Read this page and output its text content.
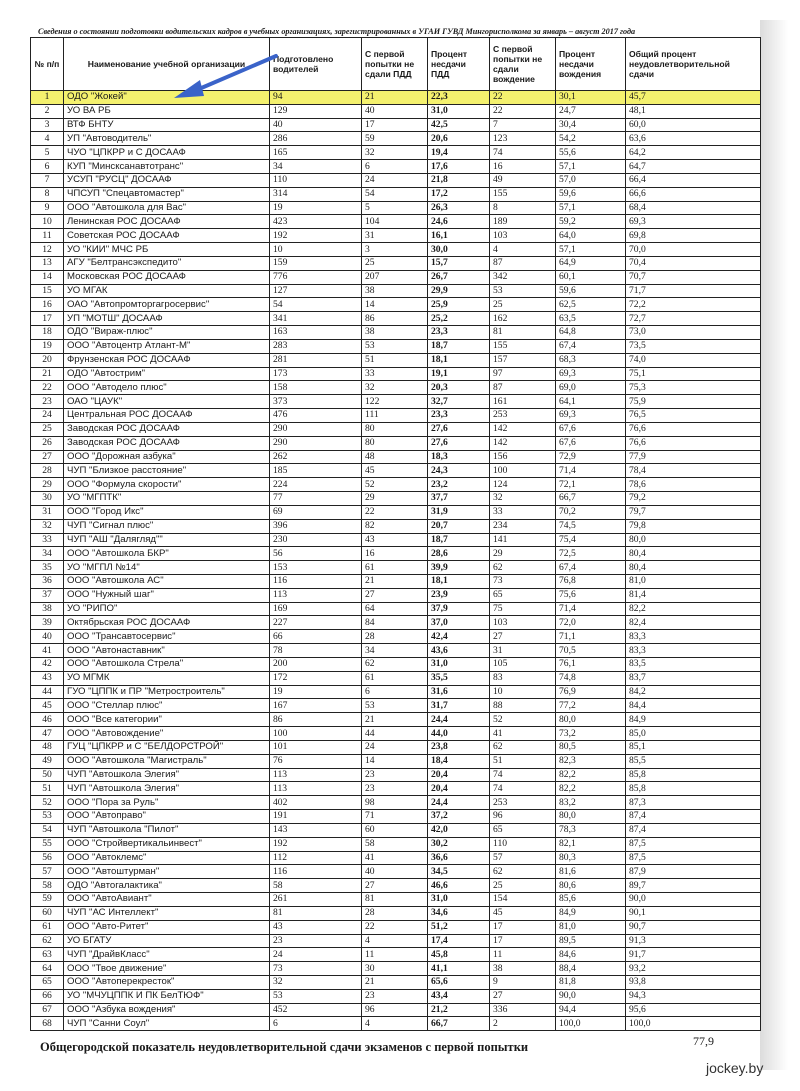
Сведения о состоянии подготовки водительских кадров в учебных организациях, зарегистрированных в УГАИ ГУВД Мингорисполкома за январь – август 2017 года
№ п/п	Наименование учебной организации	Подготовлено водителей	С первой попытки не сдали ПДД	Процент несдачи ПДД	С первой попытки не сдали вождение	Процент несдачи вождения	Общий процент неудовлетворительной сдачи
1	ОДО "Жокей"	94	21	22,3	22	30,1	45,7
2	УО ВА РБ	129	40	31,0	22	24,7	48,1
3	ВТФ БНТУ	40	17	42,5	7	30,4	60,0
4	УП "Автоводитель"	286	59	20,6	123	54,2	63,6
5	ЧУО "ЦПКРР и С ДОСААФ	165	32	19,4	74	55,6	64,2
6	КУП "Минсксанавтотранс"	34	6	17,6	16	57,1	64,7
7	УСУП "РУСЦ" ДОСААФ	110	24	21,8	49	57,0	66,4
8	ЧПСУП "Спецавтомастер"	314	54	17,2	155	59,6	66,6
9	ООО "Автошкола для Вас"	19	5	26,3	8	57,1	68,4
10	Ленинская РОС ДОСААФ	423	104	24,6	189	59,2	69,3
11	Советская РОС ДОСААФ	192	31	16,1	103	64,0	69,8
12	УО "КИИ" МЧС РБ	10	3	30,0	4	57,1	70,0
13	АГУ "Белтрансэкспедито"	159	25	15,7	87	64,9	70,4
14	Московская РОС ДОСААФ	776	207	26,7	342	60,1	70,7
15	УО МГАК	127	38	29,9	53	59,6	71,7
16	ОАО "Автопромторгагросервис"	54	14	25,9	25	62,5	72,2
17	УП "МОТШ" ДОСААФ	341	86	25,2	162	63,5	72,7
18	ОДО "Вираж-плюс"	163	38	23,3	81	64,8	73,0
19	ООО "Автоцентр Атлант-М"	283	53	18,7	155	67,4	73,5
20	Фрунзенская РОС ДОСААФ	281	51	18,1	157	68,3	74,0
21	ОДО "Автострим"	173	33	19,1	97	69,3	75,1
22	ООО "Автодело плюс"	158	32	20,3	87	69,0	75,3
23	ОАО "ЦАУК"	373	122	32,7	161	64,1	75,9
24	Центральная РОС ДОСААФ	476	111	23,3	253	69,3	76,5
25	Заводская РОС ДОСААФ	290	80	27,6	142	67,6	76,6
26	Заводская РОС ДОСААФ	290	80	27,6	142	67,6	76,6
27	ООО "Дорожная азбука"	262	48	18,3	156	72,9	77,9
28	ЧУП "Близкое расстояние"	185	45	24,3	100	71,4	78,4
29	ООО "Формула скорости"	224	52	23,2	124	72,1	78,6
30	УО "МГПТК"	77	29	37,7	32	66,7	79,2
31	ООО "Город Икс"	69	22	31,9	33	70,2	79,7
32	ЧУП "Сигнал плюс"	396	82	20,7	234	74,5	79,8
33	ЧУП "АШ "Далягляд""	230	43	18,7	141	75,4	80,0
34	ООО "Автошкола БКР"	56	16	28,6	29	72,5	80,4
35	УО "МГПЛ №14"	153	61	39,9	62	67,4	80,4
36	ООО "Автошкола АС"	116	21	18,1	73	76,8	81,0
37	ООО "Нужный шаг"	113	27	23,9	65	75,6	81,4
38	УО "РИПО"	169	64	37,9	75	71,4	82,2
39	Октябрьская РОС ДОСААФ	227	84	37,0	103	72,0	82,4
40	ООО "Трансавтосервис"	66	28	42,4	27	71,1	83,3
41	ООО "Автонаставник"	78	34	43,6	31	70,5	83,3
42	ООО "Автошкола Стрела"	200	62	31,0	105	76,1	83,5
43	УО МГМК	172	61	35,5	83	74,8	83,7
44	ГУО "ЦППК и ПР "Метростроитель"	19	6	31,6	10	76,9	84,2
45	ООО "Стеллар плюс"	167	53	31,7	88	77,2	84,4
46	ООО "Все категории"	86	21	24,4	52	80,0	84,9
47	ООО "Автовождение"	100	44	44,0	41	73,2	85,0
48	ГУЦ "ЦПКРР и С "БЕЛДОРСТРОЙ"	101	24	23,8	62	80,5	85,1
49	ООО "Автошкола "Магистраль"	76	14	18,4	51	82,3	85,5
50	ЧУП "Автошкола Элегия"	113	23	20,4	74	82,2	85,8
51	ЧУП "Автошкола Элегия"	113	23	20,4	74	82,2	85,8
52	ООО "Пора за Руль"	402	98	24,4	253	83,2	87,3
53	ООО "Автоправо"	191	71	37,2	96	80,0	87,4
54	ЧУП "Автошкола "Пилот"	143	60	42,0	65	78,3	87,4
55	ООО "Стройвертикальинвест"	192	58	30,2	110	82,1	87,5
56	ООО "Автоклемс"	112	41	36,6	57	80,3	87,5
57	ООО "Автоштурман"	116	40	34,5	62	81,6	87,9
58	ОДО "Автогалактика"	58	27	46,6	25	80,6	89,7
59	ООО "АвтоАвиант"	261	81	31,0	154	85,6	90,0
60	ЧУП "АС Интеллект"	81	28	34,6	45	84,9	90,1
61	ООО "Авто-Ритет"	43	22	51,2	17	81,0	90,7
62	УО БГАТУ	23	4	17,4	17	89,5	91,3
63	ЧУП "ДрайвКласс"	24	11	45,8	11	84,6	91,7
64	ООО "Твое движение"	73	30	41,1	38	88,4	93,2
65	ООО "Автоперекресток"	32	21	65,6	9	81,8	93,8
66	УО "МЧУЦППК И ПК БелТЮФ"	53	23	43,4	27	90,0	94,3
67	ООО "Азбука вождения"	452	96	21,2	336	94,4	95,6
68	ЧУП "Санни Соул"	6	4	66,7	2	100,0	100,0
Общегородской показатель неудовлетворительной сдачи экзаменов с первой попытки	77,9
jockey.by
